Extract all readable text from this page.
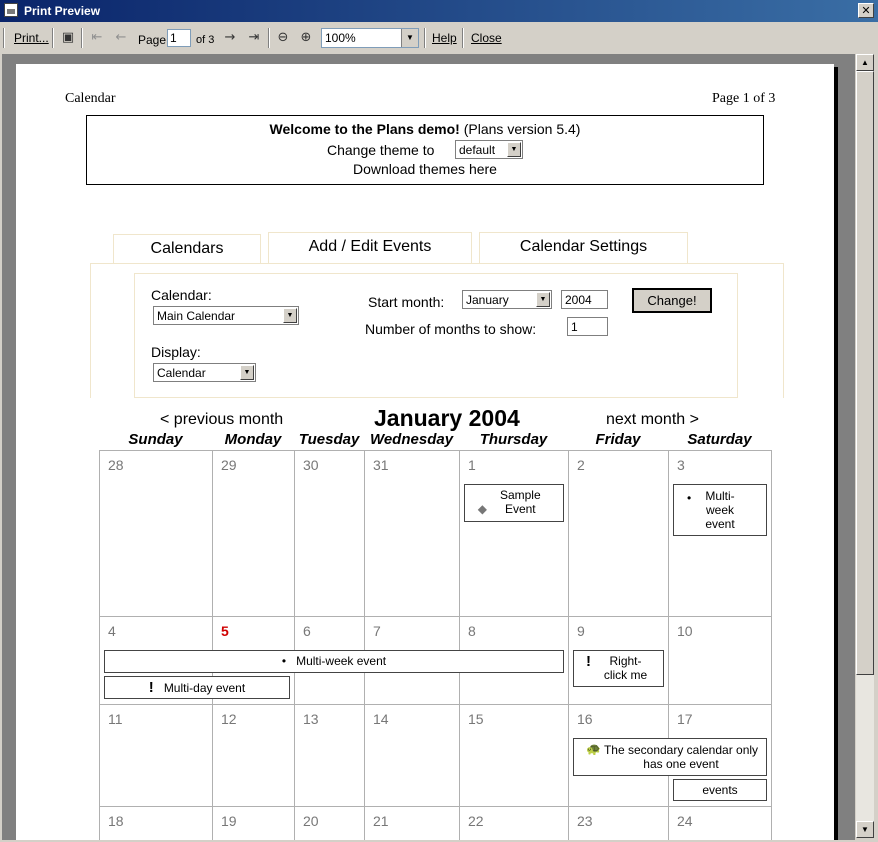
Print Preview	✕
Print... ▣ ⇤ ← Page
1	of 3 → ⇥ ⊖ ⊕ 100%	▼	Help Close
Calendar	Page 1 of 3
Welcome to the Plans demo! (Plans version 5.4)
Change theme to default	▼
Download themes here
Calendars	Add / Edit Events	Calendar Settings
Calendar:
Main Calendar	▼
Display:
Calendar	▼
Start month: January	▼
2004	Change!
Number of months to show:
1
< previous month	January 2004	next month >
Sunday	Monday	Tuesday Wednesday	Thursday	Friday	Saturday
28	29	30	31	1	2	3
4	5	6	7	8	9	10
11	12	13	14	15	16	17
18	19	20	21	22	23	24
◆ Sample Event
• Multi-week event
• Multi-week event
! Multi-day event
! Right-click me
🐢 The secondary calendar only has one event
events
▲
▼
